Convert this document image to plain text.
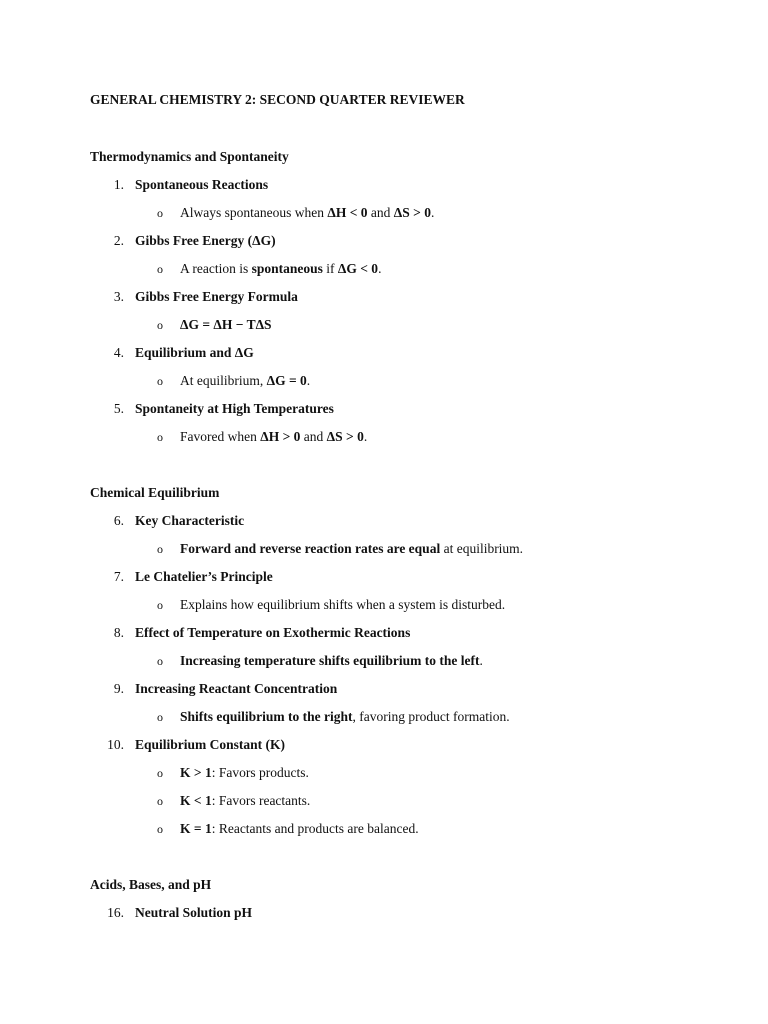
GENERAL CHEMISTRY 2: SECOND QUARTER REVIEWER
Thermodynamics and Spontaneity
1. Spontaneous Reactions
o Always spontaneous when ΔH < 0 and ΔS > 0.
2. Gibbs Free Energy (ΔG)
o A reaction is spontaneous if ΔG < 0.
3. Gibbs Free Energy Formula
o ΔG = ΔH − TΔS
4. Equilibrium and ΔG
o At equilibrium, ΔG = 0.
5. Spontaneity at High Temperatures
o Favored when ΔH > 0 and ΔS > 0.
Chemical Equilibrium
6. Key Characteristic
o Forward and reverse reaction rates are equal at equilibrium.
7. Le Chatelier’s Principle
o Explains how equilibrium shifts when a system is disturbed.
8. Effect of Temperature on Exothermic Reactions
o Increasing temperature shifts equilibrium to the left.
9. Increasing Reactant Concentration
o Shifts equilibrium to the right, favoring product formation.
10. Equilibrium Constant (K)
o K > 1: Favors products.
o K < 1: Favors reactants.
o K = 1: Reactants and products are balanced.
Acids, Bases, and pH
16. Neutral Solution pH
